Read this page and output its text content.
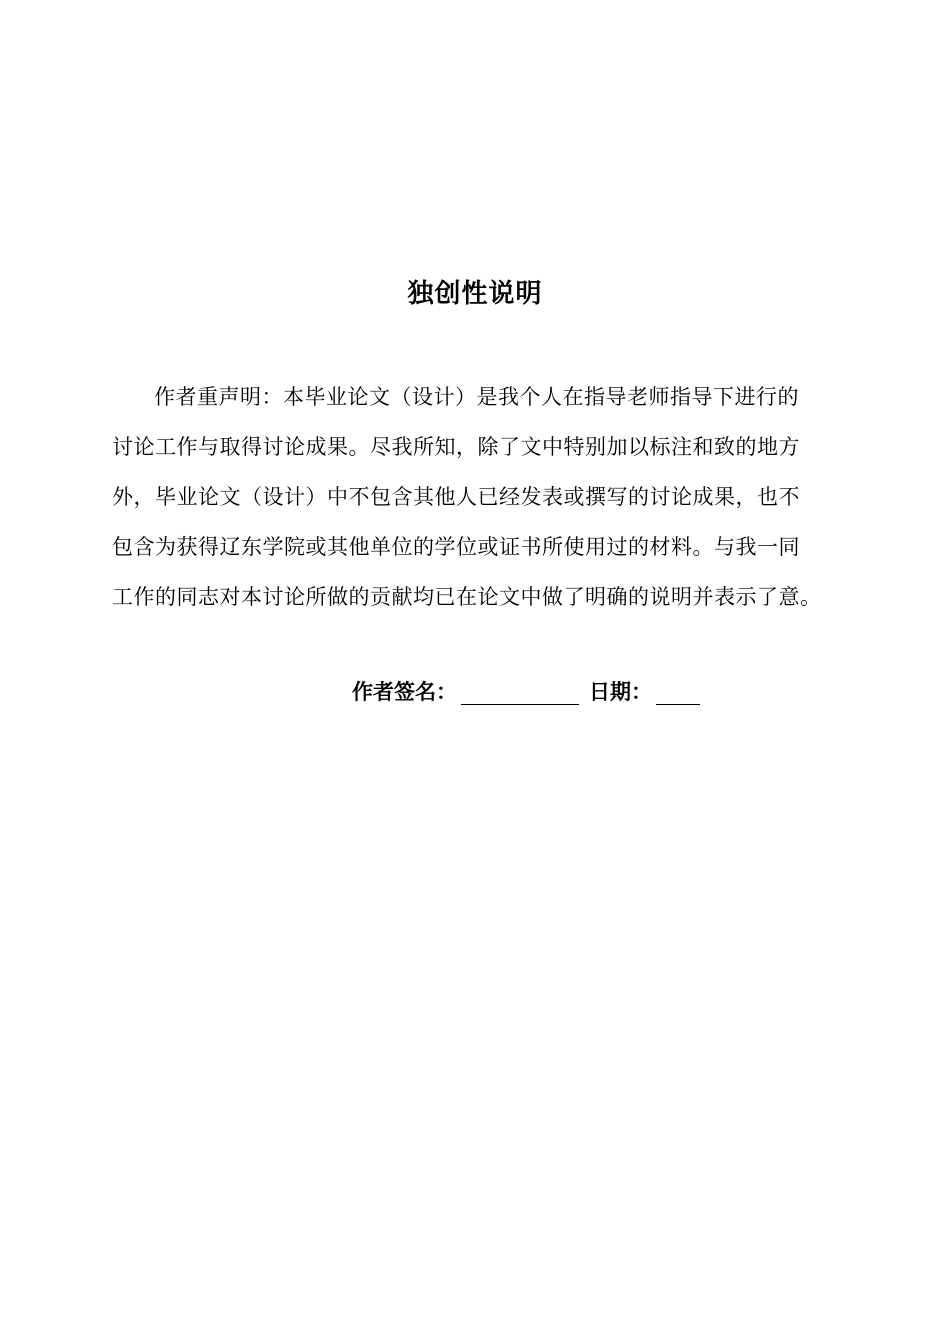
独创性说明
作者重声明：本毕业论文（设计）是我个人在指导老师指导下进行的
讨论工作与取得讨论成果。尽我所知，除了文中特别加以标注和致的地方
外，毕业论文（设计）中不包含其他人已经发表或撰写的讨论成果，也不
包含为获得辽东学院或其他单位的学位或证书所使用过的材料。与我一同
工作的同志对本讨论所做的贡献均已在论文中做了明确的说明并表示了意。
作者签名：	日期：
